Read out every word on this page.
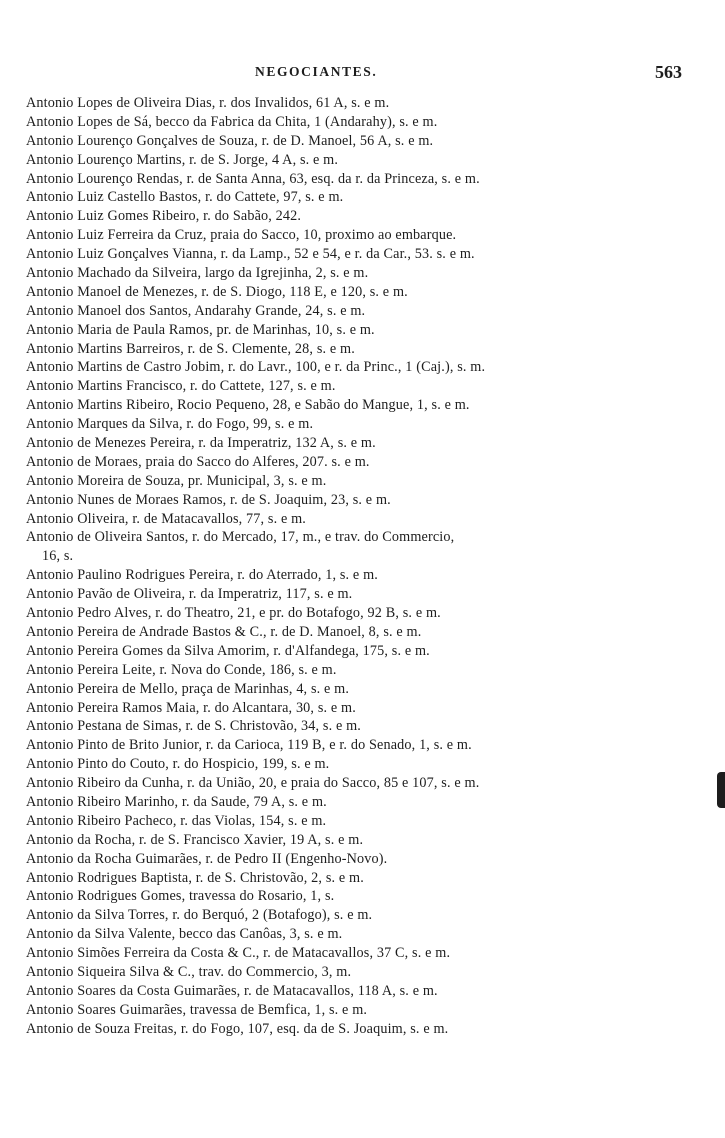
NEGOCIANTES.	563
Antonio Lopes de Oliveira Dias, r. dos Invalidos, 61 A, s. e m.
Antonio Lopes de Sá, becco da Fabrica da Chita, 1 (Andarahy), s. e m.
Antonio Lourenço Gonçalves de Souza, r. de D. Manoel, 56 A, s. e m.
Antonio Lourenço Martins, r. de S. Jorge, 4 A, s. e m.
Antonio Lourenço Rendas, r. de Santa Anna, 63, esq. da r. da Princeza, s. e m.
Antonio Luiz Castello Bastos, r. do Cattete, 97, s. e m.
Antonio Luiz Gomes Ribeiro, r. do Sabão, 242.
Antonio Luiz Ferreira da Cruz, praia do Sacco, 10, proximo ao embarque.
Antonio Luiz Gonçalves Vianna, r. da Lamp., 52 e 54, e r. da Car., 53. s. e m.
Antonio Machado da Silveira, largo da Igrejinha, 2, s. e m.
Antonio Manoel de Menezes, r. de S. Diogo, 118 E, e 120, s. e m.
Antonio Manoel dos Santos, Andarahy Grande, 24, s. e m.
Antonio Maria de Paula Ramos, pr. de Marinhas, 10, s. e m.
Antonio Martins Barreiros, r. de S. Clemente, 28, s. e m.
Antonio Martins de Castro Jobim, r. do Lavr., 100, e r. da Princ., 1 (Caj.), s. m.
Antonio Martins Francisco, r. do Cattete, 127, s. e m.
Antonio Martins Ribeiro, Rocio Pequeno, 28, e Sabão do Mangue, 1, s. e m.
Antonio Marques da Silva, r. do Fogo, 99, s. e m.
Antonio de Menezes Pereira, r. da Imperatriz, 132 A, s. e m.
Antonio de Moraes, praia do Sacco do Alferes, 207. s. e m.
Antonio Moreira de Souza, pr. Municipal, 3, s. e m.
Antonio Nunes de Moraes Ramos, r. de S. Joaquim, 23, s. e m.
Antonio Oliveira, r. de Matacavallos, 77, s. e m.
Antonio de Oliveira Santos, r. do Mercado, 17, m., e trav. do Commercio,
16, s.
Antonio Paulino Rodrigues Pereira, r. do Aterrado, 1, s. e m.
Antonio Pavão de Oliveira, r. da Imperatriz, 117, s. e m.
Antonio Pedro Alves, r. do Theatro, 21, e pr. do Botafogo, 92 B, s. e m.
Antonio Pereira de Andrade Bastos & C., r. de D. Manoel, 8, s. e m.
Antonio Pereira Gomes da Silva Amorim, r. d'Alfandega, 175, s. e m.
Antonio Pereira Leite, r. Nova do Conde, 186, s. e m.
Antonio Pereira de Mello, praça de Marinhas, 4, s. e m.
Antonio Pereira Ramos Maia, r. do Alcantara, 30, s. e m.
Antonio Pestana de Simas, r. de S. Christovão, 34, s. e m.
Antonio Pinto de Brito Junior, r. da Carioca, 119 B, e r. do Senado, 1, s. e m.
Antonio Pinto do Couto, r. do Hospicio, 199, s. e m.
Antonio Ribeiro da Cunha, r. da União, 20, e praia do Sacco, 85 e 107, s. e m.
Antonio Ribeiro Marinho, r. da Saude, 79 A, s. e m.
Antonio Ribeiro Pacheco, r. das Violas, 154, s. e m.
Antonio da Rocha, r. de S. Francisco Xavier, 19 A, s. e m.
Antonio da Rocha Guimarães, r. de Pedro II (Engenho-Novo).
Antonio Rodrigues Baptista, r. de S. Christovão, 2, s. e m.
Antonio Rodrigues Gomes, travessa do Rosario, 1, s.
Antonio da Silva Torres, r. do Berquó, 2 (Botafogo), s. e m.
Antonio da Silva Valente, becco das Canôas, 3, s. e m.
Antonio Simões Ferreira da Costa & C., r. de Matacavallos, 37 C, s. e m.
Antonio Siqueira Silva & C., trav. do Commercio, 3, m.
Antonio Soares da Costa Guimarães, r. de Matacavallos, 118 A, s. e m.
Antonio Soares Guimarães, travessa de Bemfica, 1, s. e m.
Antonio de Souza Freitas, r. do Fogo, 107, esq. da de S. Joaquim, s. e m.
